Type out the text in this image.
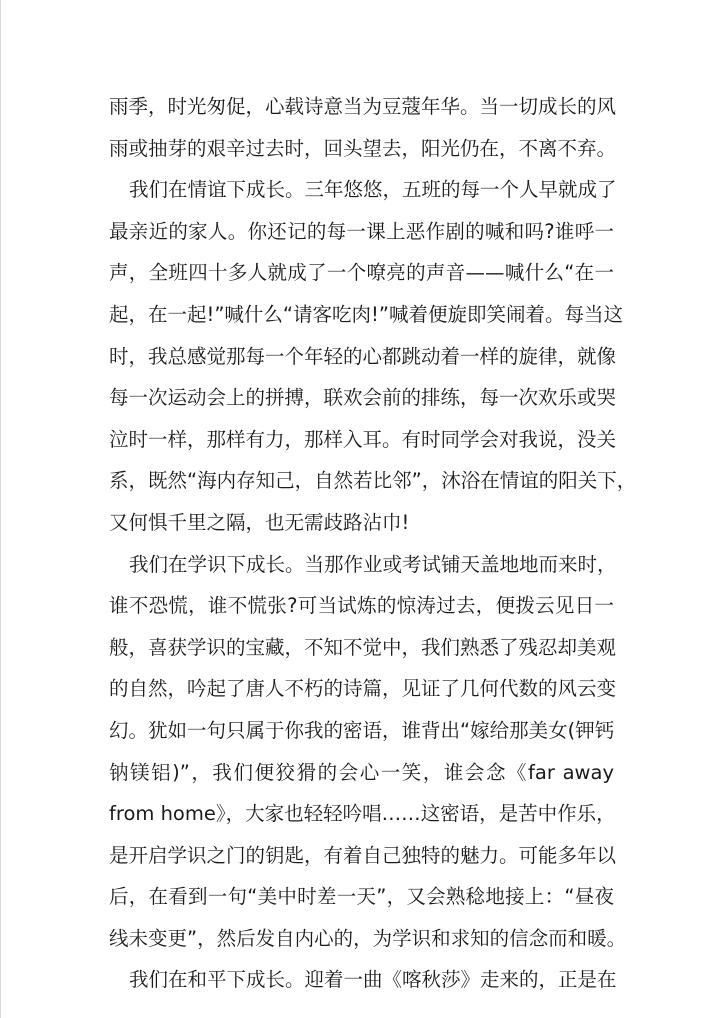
雨季，时光匆促，心载诗意当为豆蔻年华。当一切成长的风
雨或抽芽的艰辛过去时，回头望去，阳光仍在，不离不弃。
我们在情谊下成长。三年悠悠，五班的每一个人早就成了
最亲近的家人。你还记的每一课上恶作剧的喊和吗?谁呼一
声，全班四十多人就成了一个嘹亮的声音——喊什么“在一
起，在一起!”喊什么“请客吃肉!”喊着便旋即笑闹着。每当这
时，我总感觉那每一个年轻的心都跳动着一样的旋律，就像
每一次运动会上的拼搏，联欢会前的排练，每一次欢乐或哭
泣时一样，那样有力，那样入耳。有时同学会对我说，没关
系，既然“海内存知己，自然若比邻”，沐浴在情谊的阳关下，
又何惧千里之隔，也无需歧路沾巾!
我们在学识下成长。当那作业或考试铺天盖地地而来时，
谁不恐慌，谁不慌张?可当试炼的惊涛过去，便拨云见日一
般，喜获学识的宝藏，不知不觉中，我们熟悉了残忍却美观
的自然，吟起了唐人不朽的诗篇，见证了几何代数的风云变
幻。犹如一句只属于你我的密语，谁背出“嫁给那美女(钾钙
钠镁铝)”，我们便狡猾的会心一笑，谁会念《far away
from home》，大家也轻轻吟唱……这密语，是苦中作乐，
是开启学识之门的钥匙，有着自己独特的魅力。可能多年以
后，在看到一句“美中时差一天”，又会熟稔地接上：“昼夜
线未变更”，然后发自内心的，为学识和求知的信念而和暖。
我们在和平下成长。迎着一曲《喀秋莎》走来的，正是在
